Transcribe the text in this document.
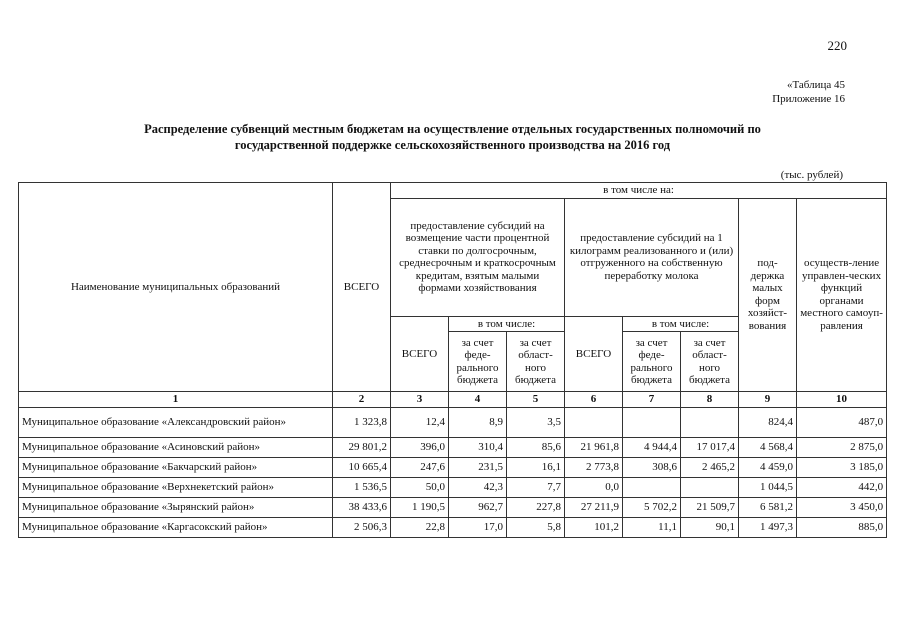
220
«Таблица 45
Приложение 16
Распределение субвенций местным бюджетам на осуществление отдельных государственных полномочий по
государственной поддержке сельскохозяйственного производства на 2016 год
(тыс. рублей)
Наименование муниципальных образований	ВСЕГО	в том числе на:							
		предоставление субсидий на возмещение части процентной ставки по долгосрочным, среднесрочным и краткосрочным кредитам, взятым малыми формами хозяйствования			предоставление субсидий на 1 килограмм реализованного и (или) отгруженного на собственную переработку молока			под-держка малых форм хозяйст-вования	осуществ-ление управлен-ческих функций органами местного самоуп-равления
		ВСЕГО	в том числе:		ВСЕГО	в том числе:			
			за счет феде-рального бюджета	за счет област-ного бюджета		за счет феде-рального бюджета	за счет област-ного бюджета		
1	2	3	4	5	6	7	8	9	10
Муниципальное образование «Александровский район»	1 323,8	12,4	8,9	3,5				824,4	487,0
Муниципальное образование «Асиновский район»	29 801,2	396,0	310,4	85,6	21 961,8	4 944,4	17 017,4	4 568,4	2 875,0
Муниципальное образование «Бакчарский район»	10 665,4	247,6	231,5	16,1	2 773,8	308,6	2 465,2	4 459,0	3 185,0
Муниципальное образование «Верхнекетский район»	1 536,5	50,0	42,3	7,7	0,0			1 044,5	442,0
Муниципальное образование «Зырянский район»	38 433,6	1 190,5	962,7	227,8	27 211,9	5 702,2	21 509,7	6 581,2	3 450,0
Муниципальное образование «Каргасокский район»	2 506,3	22,8	17,0	5,8	101,2	11,1	90,1	1 497,3	885,0
